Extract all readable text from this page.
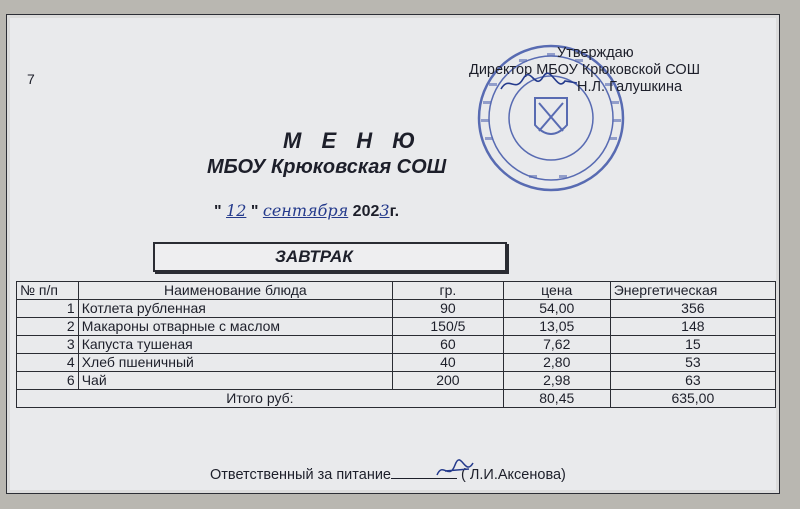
7
Утверждаю
Директор МБОУ Крюковской СОШ
Н.Л. Галушкина
М Е Н Ю
МБОУ Крюковская СОШ
" 12 " сентября 2023г.
ЗАВТРАК
Ответственный за питание	( Л.И.Аксенова)
№ п/п	Наименование блюда	гр.	цена	Энергетическая
1	Котлета рубленная	90	54,00	356
2	Макароны отварные с маслом	150/5	13,05	148
3	Капуста тушеная	60	7,62	15
4	Хлеб пшеничный	40	2,80	53
6	Чай	200	2,98	63
Итого руб:			80,45	635,00
